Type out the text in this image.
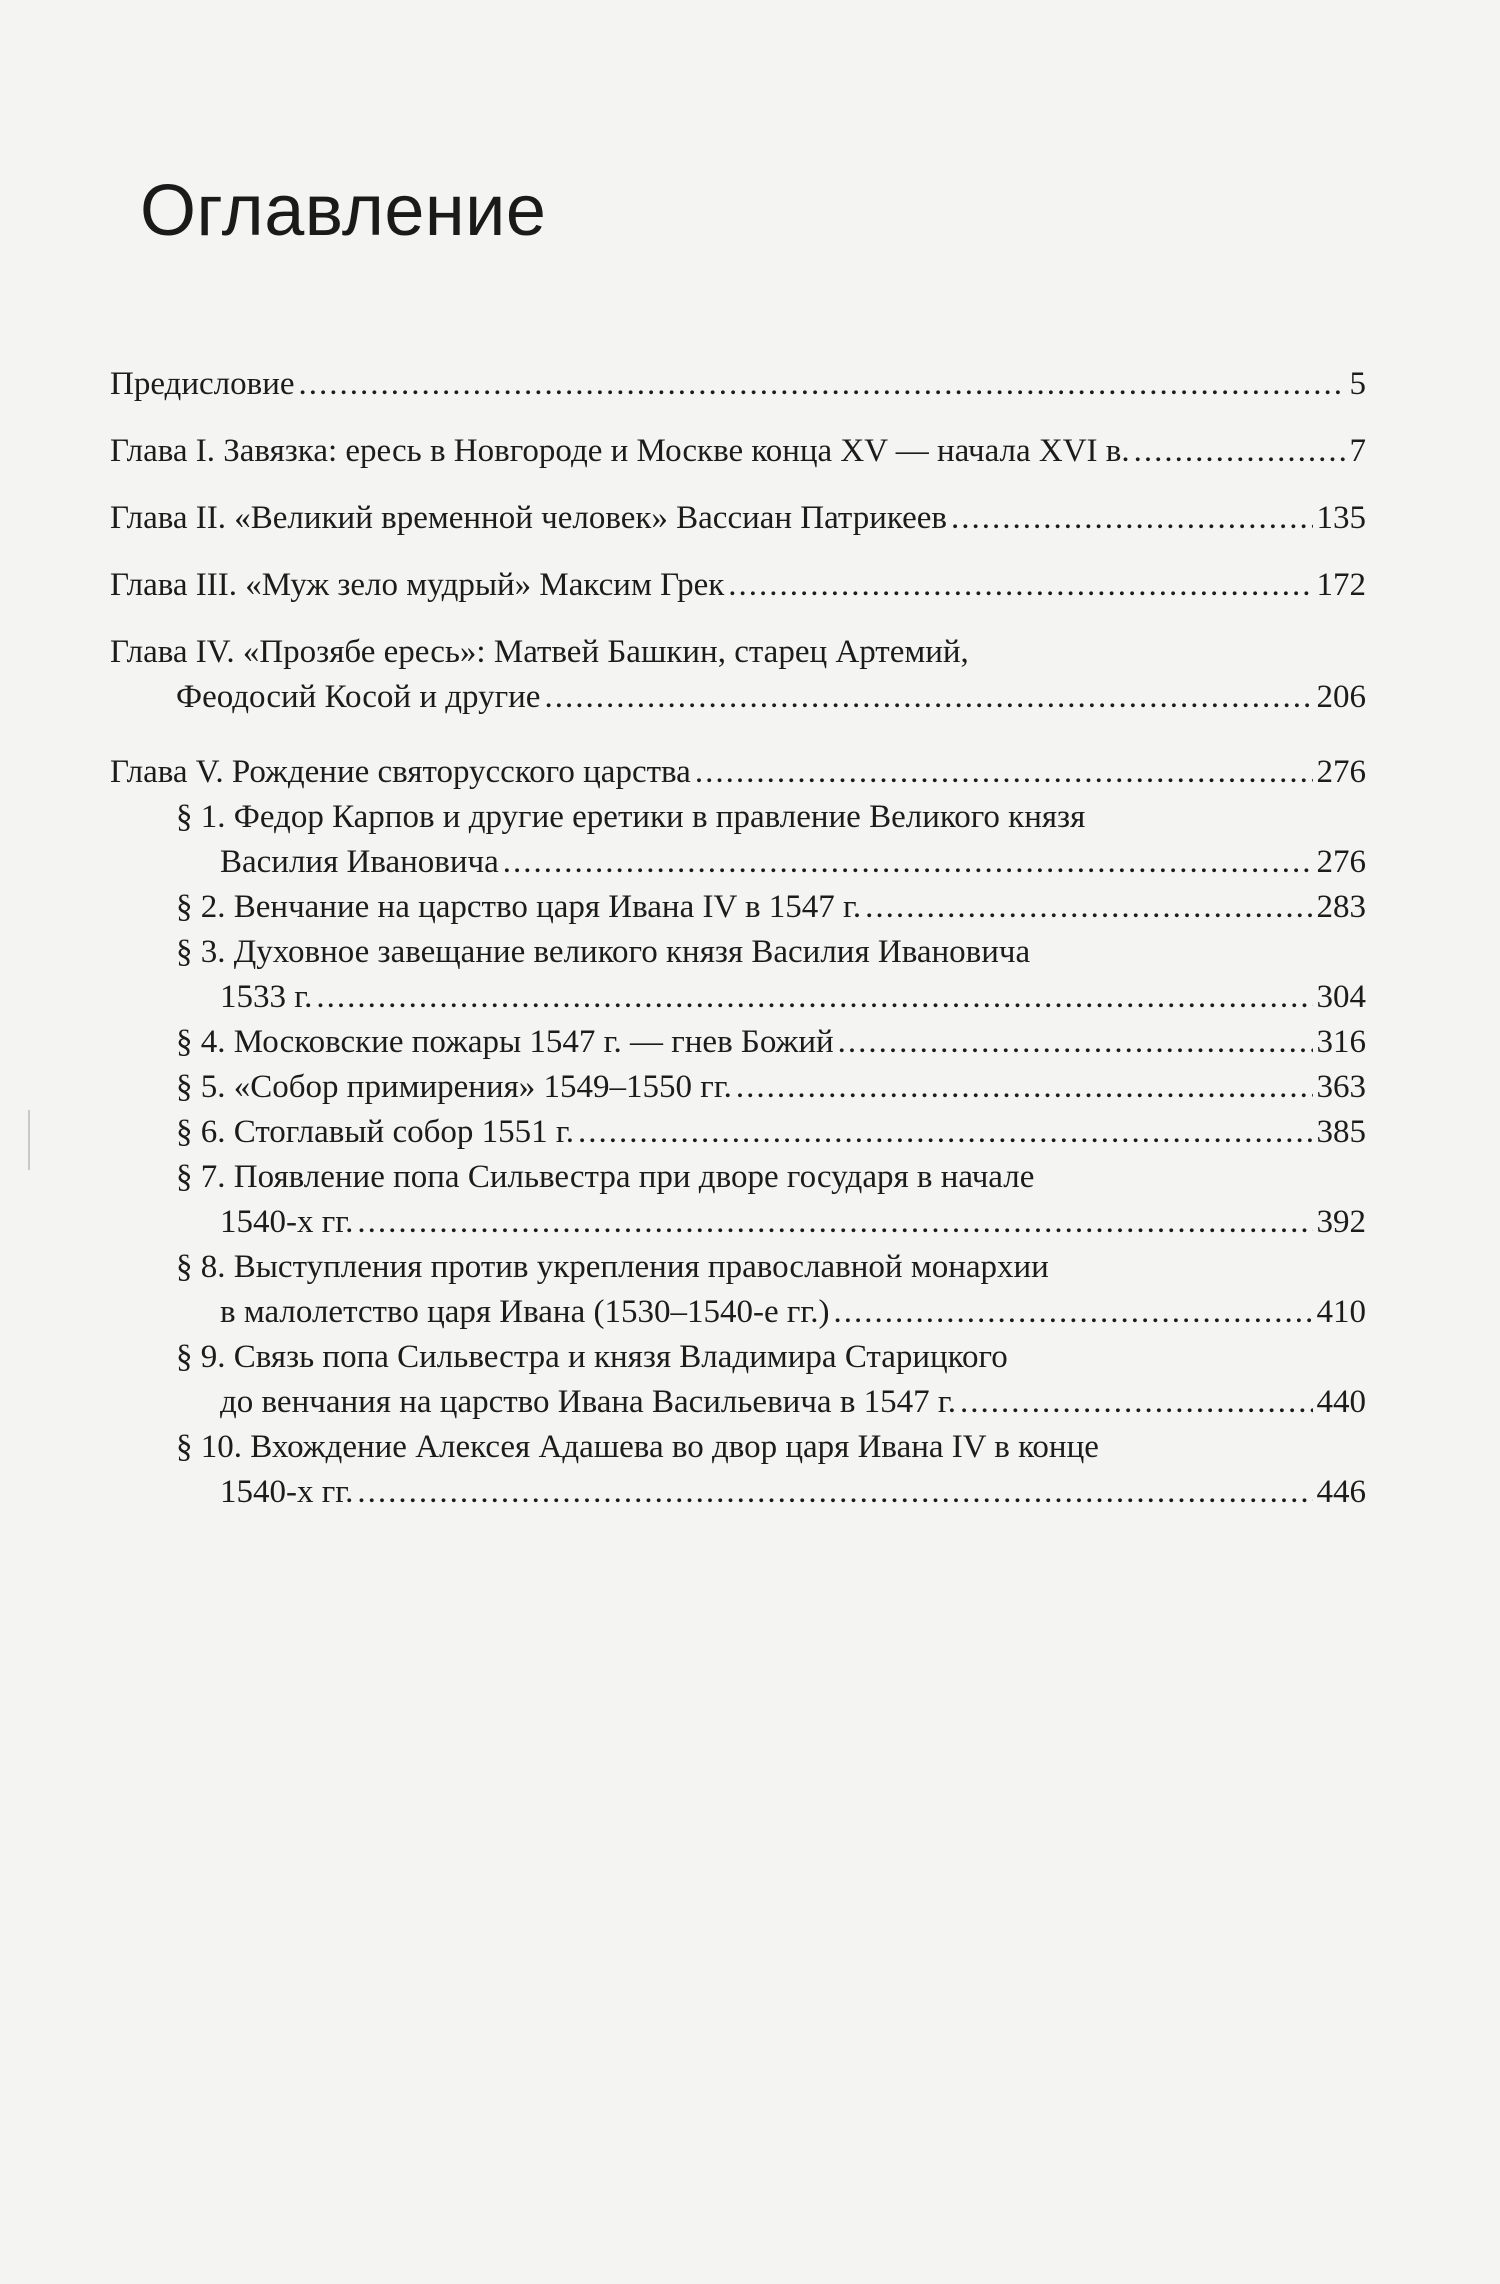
Оглавление
Предисловие .....	5
Глава I. Завязка: ересь в Новгороде и Москве конца XV — начала XVI в. .....	7
Глава II. «Великий временной человек» Вассиан Патрикеев .....	135
Глава III. «Муж зело мудрый» Максим Грек .....	172
Глава IV. «Прозябе ересь»: Матвей Башкин, старец Артемий,
Феодосий Косой и другие .....	206
Глава V. Рождение святорусского царства .....	276
§ 1. Федор Карпов и другие еретики в правление Великого князя
Василия Ивановича .....	276
§ 2. Венчание на царство царя Ивана IV в 1547 г. .....	283
§ 3. Духовное завещание великого князя Василия Ивановича
1533 г. .....	304
§ 4. Московские пожары 1547 г. — гнев Божий .....	316
§ 5. «Собор примирения» 1549–1550 гг. .....	363
§ 6. Стоглавый собор 1551 г. .....	385
§ 7. Появление попа Сильвестра при дворе государя в начале
1540-х гг. .....	392
§ 8. Выступления против укрепления православной монархии
в малолетство царя Ивана (1530–1540-е гг.) .....	410
§ 9. Связь попа Сильвестра и князя Владимира Старицкого
до венчания на царство Ивана Васильевича в 1547 г. .....	440
§ 10. Вхождение Алексея Адашева во двор царя Ивана IV в конце
1540-х гг. .....	446
